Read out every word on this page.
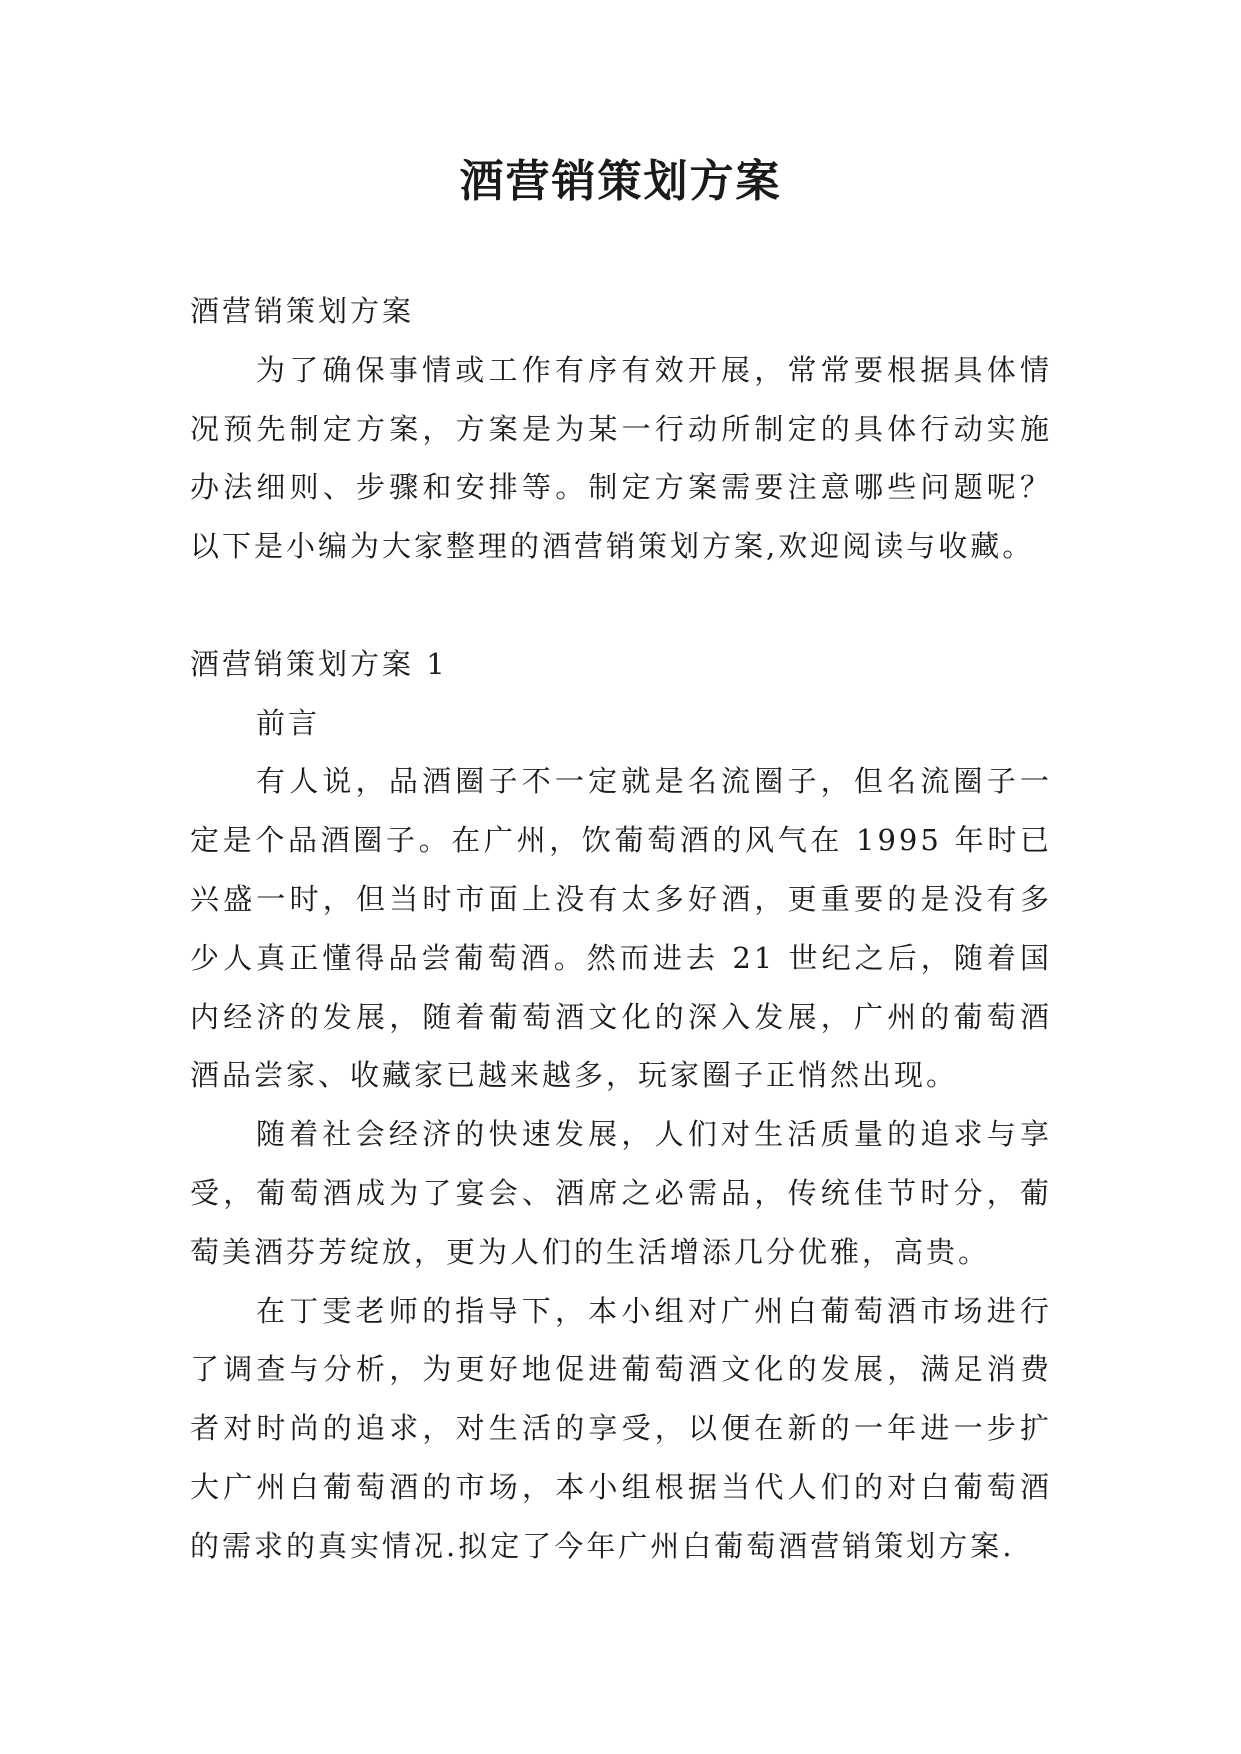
酒营销策划方案

酒营销策划方案

为了确保事情或工作有序有效开展，常常要根据具体情况预先制定方案，方案是为某一行动所制定的具体行动实施办法细则、步骤和安排等。制定方案需要注意哪些问题呢？以下是小编为大家整理的酒营销策划方案,欢迎阅读与收藏。

酒营销策划方案 1

前言

有人说，品酒圈子不一定就是名流圈子，但名流圈子一定是个品酒圈子。在广州，饮葡萄酒的风气在 1995 年时已兴盛一时，但当时市面上没有太多好酒，更重要的是没有多少人真正懂得品尝葡萄酒。然而进去 21 世纪之后，随着国内经济的发展，随着葡萄酒文化的深入发展，广州的葡萄酒酒品尝家、收藏家已越来越多，玩家圈子正悄然出现。

随着社会经济的快速发展，人们对生活质量的追求与享受，葡萄酒成为了宴会、酒席之必需品，传统佳节时分，葡萄美酒芬芳绽放，更为人们的生活增添几分优雅，高贵。

在丁雯老师的指导下，本小组对广州白葡萄酒市场进行了调查与分析，为更好地促进葡萄酒文化的发展，满足消费者对时尚的追求，对生活的享受，以便在新的一年进一步扩大广州白葡萄酒的市场，本小组根据当代人们的对白葡萄酒的需求的真实情况.拟定了今年广州白葡萄酒营销策划方案.
